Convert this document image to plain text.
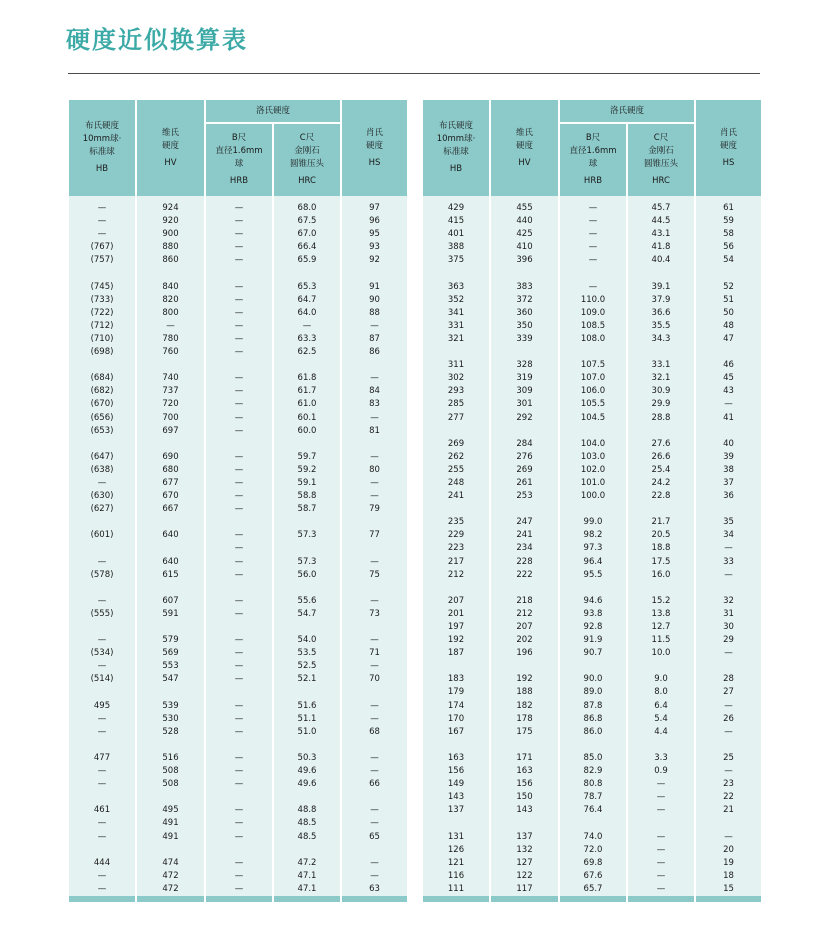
硬度近似换算表
布氏硬度
10mm球·
标准球
HB	维氏
硬度
HV	洛氏硬度		肖氏
硬度
HS

		B尺
直径1.6mm
球
HRB	C尺
金刚石
圆锥压头
HRC	

—	924	—	68.0	97
—	920	—	67.5	96
—	900	—	67.0	95
(767)	880	—	66.4	93
(757)	860	—	65.9	92

(745)	840	—	65.3	91
(733)	820	—	64.7	90
(722)	800	—	64.0	88
(712)	—	—	—	—
(710)	780	—	63.3	87
(698)	760	—	62.5	86

(684)	740	—	61.8	—
(682)	737	—	61.7	84
(670)	720	—	61.0	83
(656)	700	—	60.1	—
(653)	697	—	60.0	81

(647)	690	—	59.7	—
(638)	680	—	59.2	80
—	677	—	59.1	—
(630)	670	—	58.8	—
(627)	667	—	58.7	79

(601)	640	—	57.3	77
		—		
—	640	—	57.3	—
(578)	615	—	56.0	75

—	607	—	55.6	—
(555)	591	—	54.7	73

—	579	—	54.0	—
(534)	569	—	53.5	71
—	553	—	52.5	—
(514)	547	—	52.1	70

495	539	—	51.6	—
—	530	—	51.1	—
—	528	—	51.0	68

477	516	—	50.3	—
—	508	—	49.6	—
—	508	—	49.6	66

461	495	—	48.8	—
—	491	—	48.5	—
—	491	—	48.5	65

444	474	—	47.2	—
—	472	—	47.1	—
—	472	—	47.1	63

布氏硬度
10mm球·
标准球
HB	维氏
硬度
HV	洛氏硬度		肖氏
硬度
HS

		B尺
直径1.6mm
球
HRB	C尺
金刚石
圆锥压头
HRC	

429	455	—	45.7	61
415	440	—	44.5	59
401	425	—	43.1	58
388	410	—	41.8	56
375	396	—	40.4	54

363	383	—	39.1	52
352	372	110.0	37.9	51
341	360	109.0	36.6	50
331	350	108.5	35.5	48
321	339	108.0	34.3	47

311	328	107.5	33.1	46
302	319	107.0	32.1	45
293	309	106.0	30.9	43
285	301	105.5	29.9	—
277	292	104.5	28.8	41

269	284	104.0	27.6	40
262	276	103.0	26.6	39
255	269	102.0	25.4	38
248	261	101.0	24.2	37
241	253	100.0	22.8	36

235	247	99.0	21.7	35
229	241	98.2	20.5	34
223	234	97.3	18.8	—
217	228	96.4	17.5	33
212	222	95.5	16.0	—

207	218	94.6	15.2	32
201	212	93.8	13.8	31
197	207	92.8	12.7	30
192	202	91.9	11.5	29
187	196	90.7	10.0	—

183	192	90.0	9.0	28
179	188	89.0	8.0	27
174	182	87.8	6.4	—
170	178	86.8	5.4	26
167	175	86.0	4.4	—

163	171	85.0	3.3	25
156	163	82.9	0.9	—
149	156	80.8	—	23
143	150	78.7	—	22
137	143	76.4	—	21

131	137	74.0	—	—
126	132	72.0	—	20
121	127	69.8	—	19
116	122	67.6	—	18
111	117	65.7	—	15
